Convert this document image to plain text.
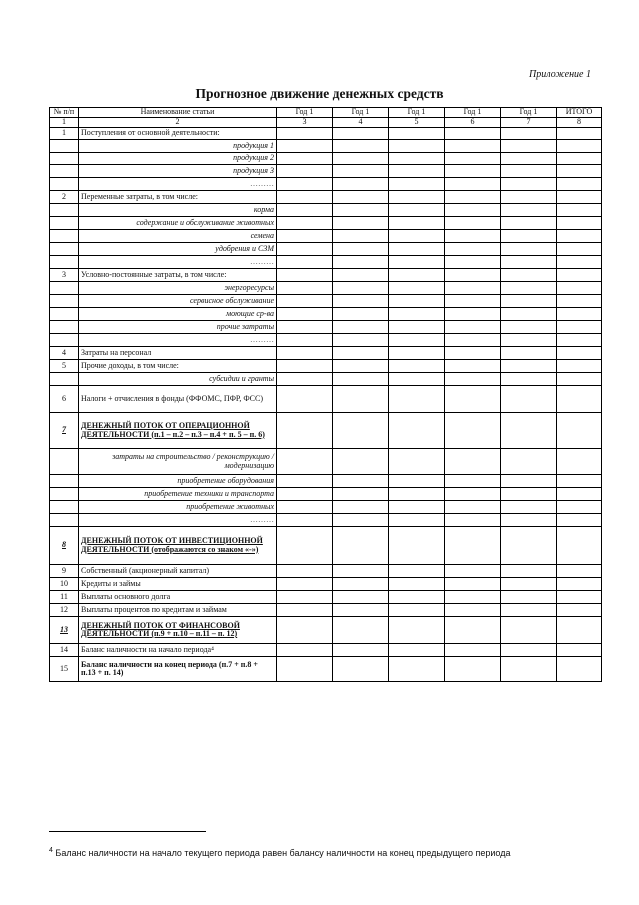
Приложение 1
Прогнозное движение денежных средств
№ п/п	Наименование статьи	Год 1	Год 1	Год 1	Год 1	Год 1	ИТОГО
1	2	3	4	5	6	7	8
1	Поступления от основной деятельности:						
	продукция 1						
	продукция 2						
	продукция 3						
	………						
2	Переменные затраты, в том числе:						
	корма						
	содержание и обслуживание животных						
	семена						
	удобрения и СЗМ						
	………						
3	Условно-постоянные затраты, в том числе:						
	энергоресурсы						
	сервисное обслуживание						
	моющие ср-ва						
	прочие затраты						
	………						
4	Затраты на персонал						
5	Прочие доходы, в том числе:						
	субсидии и гранты						
6	Налоги + отчисления в фонды (ФФОМС, ПФР, ФСС)						
7	ДЕНЕЖНЫЙ ПОТОК ОТ ОПЕРАЦИОННОЙ ДЕЯТЕЛЬНОСТИ (п.1 – п.2 – п.3 – п.4 + п. 5 – п. 6)						
	затраты на строительство / реконструкцию / модернизацию						
	приобретение оборудования						
	приобретение техники и транспорта						
	приобретение животных						
	………						
8	ДЕНЕЖНЫЙ ПОТОК ОТ ИНВЕСТИЦИОННОЙ ДЕЯТЕЛЬНОСТИ (отображаются со знаком «-»)						
9	Собственный (акционерный капитал)						
10	Кредиты и займы						
11	Выплаты основного долга						
12	Выплаты процентов по кредитам и займам						
13	ДЕНЕЖНЫЙ ПОТОК ОТ ФИНАНСОВОЙ ДЕЯТЕЛЬНОСТИ (п.9 + п.10 – п.11 – п. 12)						
14	Баланс наличности на начало периода⁴						
15	Баланс наличности на конец периода (п.7 + п.8 + п.13 + п. 14)						
$^4$ Баланс наличности на начало текущего периода равен балансу наличности на конец предыдущего периода
